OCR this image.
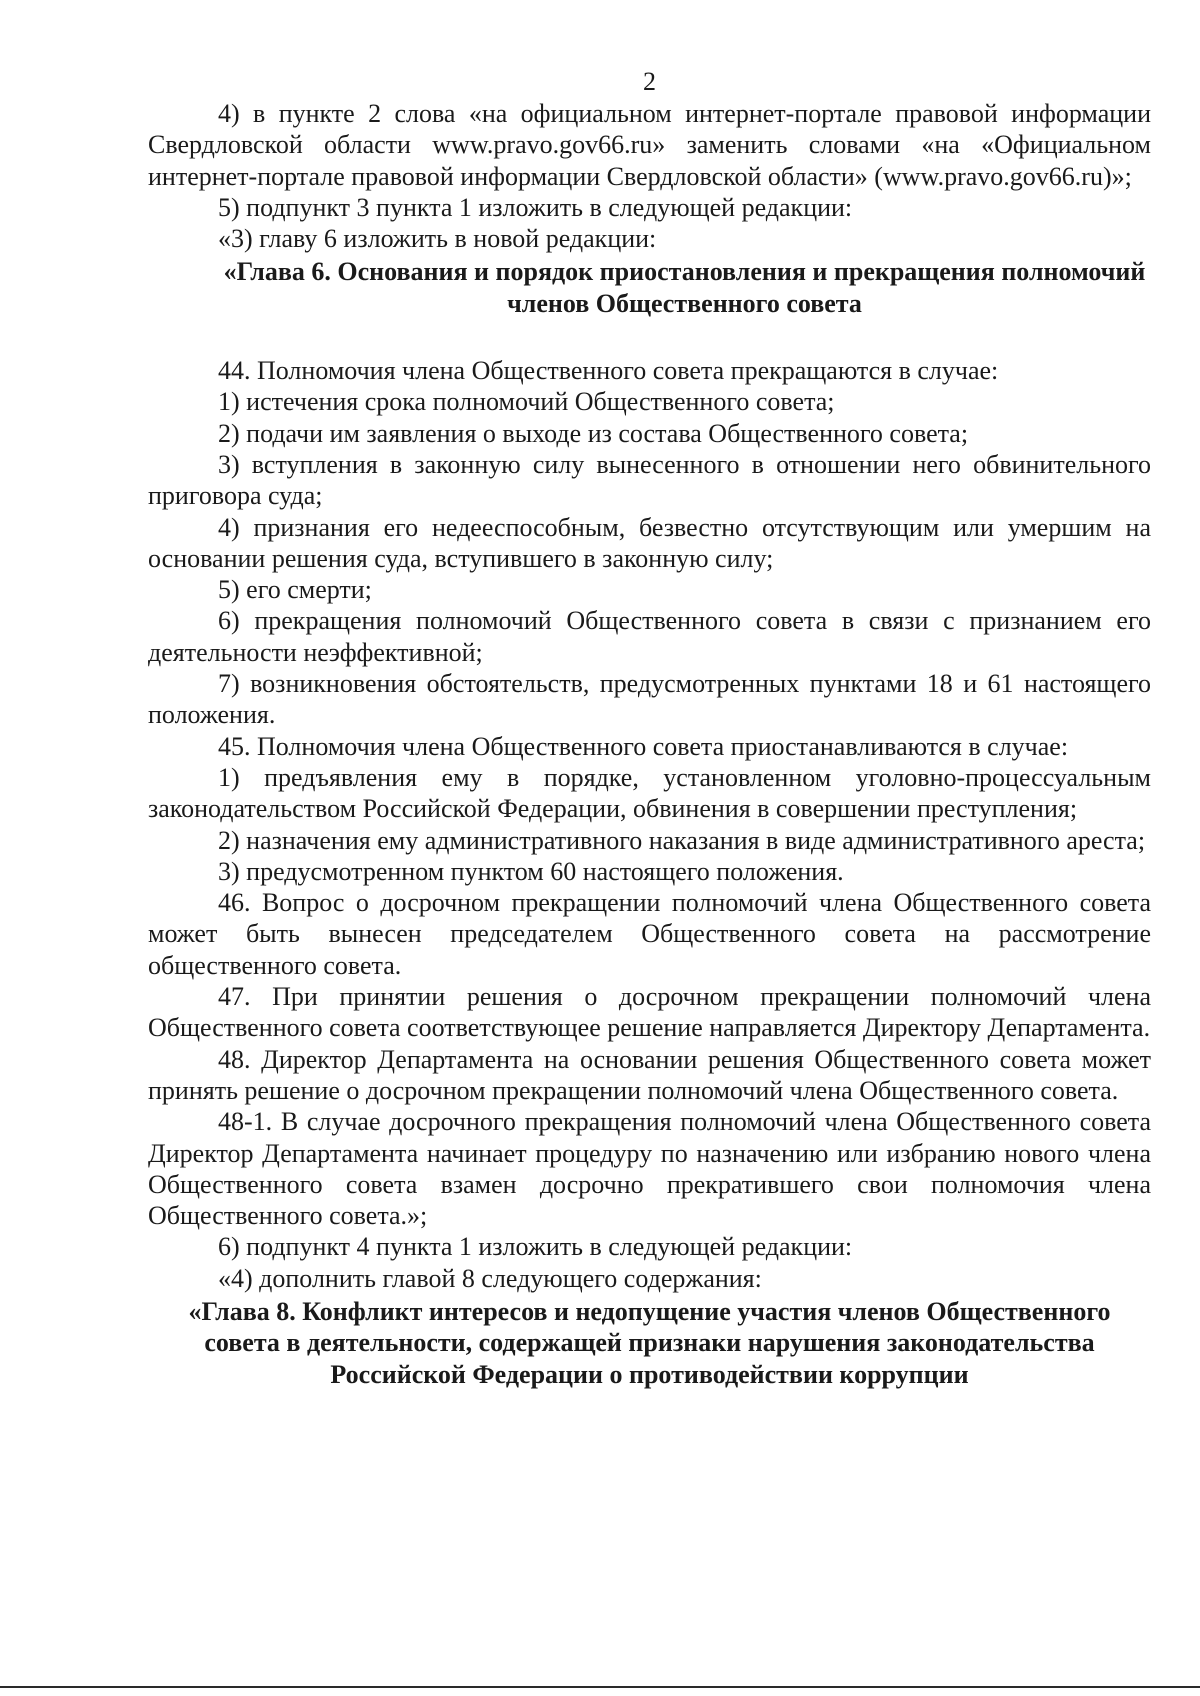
2

4) в пункте 2 слова «на официальном интернет-портале правовой информации Свердловской области www.pravo.gov66.ru» заменить словами «на «Официальном интернет-портале правовой информации Свердловской области» (www.pravo.gov66.ru)»;

5) подпункт 3 пункта 1 изложить в следующей редакции:

«3) главу 6 изложить в новой редакции:

«Глава 6. Основания и порядок приостановления и прекращения полномочий членов Общественного совета

44. Полномочия члена Общественного совета прекращаются в случае:

1) истечения срока полномочий Общественного совета;

2) подачи им заявления о выходе из состава Общественного совета;

3) вступления в законную силу вынесенного в отношении него обвинительного приговора суда;

4) признания его недееспособным, безвестно отсутствующим или умершим на основании решения суда, вступившего в законную силу;

5) его смерти;

6) прекращения полномочий Общественного совета в связи с признанием его деятельности неэффективной;

7) возникновения обстоятельств, предусмотренных пунктами 18 и 61 настоящего положения.

45. Полномочия члена Общественного совета приостанавливаются в случае:

1) предъявления ему в порядке, установленном уголовно-процессуальным законодательством Российской Федерации, обвинения в совершении преступления;

2) назначения ему административного наказания в виде административного ареста;

3) предусмотренном пунктом 60 настоящего положения.

46. Вопрос о досрочном прекращении полномочий члена Общественного совета может быть вынесен председателем Общественного совета на рассмотрение общественного совета.

47. При принятии решения о досрочном прекращении полномочий члена Общественного совета соответствующее решение направляется Директору Департамента.

48. Директор Департамента на основании решения Общественного совета может принять решение о досрочном прекращении полномочий члена Общественного совета.

48-1. В случае досрочного прекращения полномочий члена Общественного совета Директор Департамента начинает процедуру по назначению или избранию нового члена Общественного совета взамен досрочно прекратившего свои полномочия члена Общественного совета.»;

6) подпункт 4 пункта 1 изложить в следующей редакции:

«4) дополнить главой 8 следующего содержания:

«Глава 8. Конфликт интересов и недопущение участия членов Общественного совета в деятельности, содержащей признаки нарушения законодательства Российской Федерации о противодействии коррупции
